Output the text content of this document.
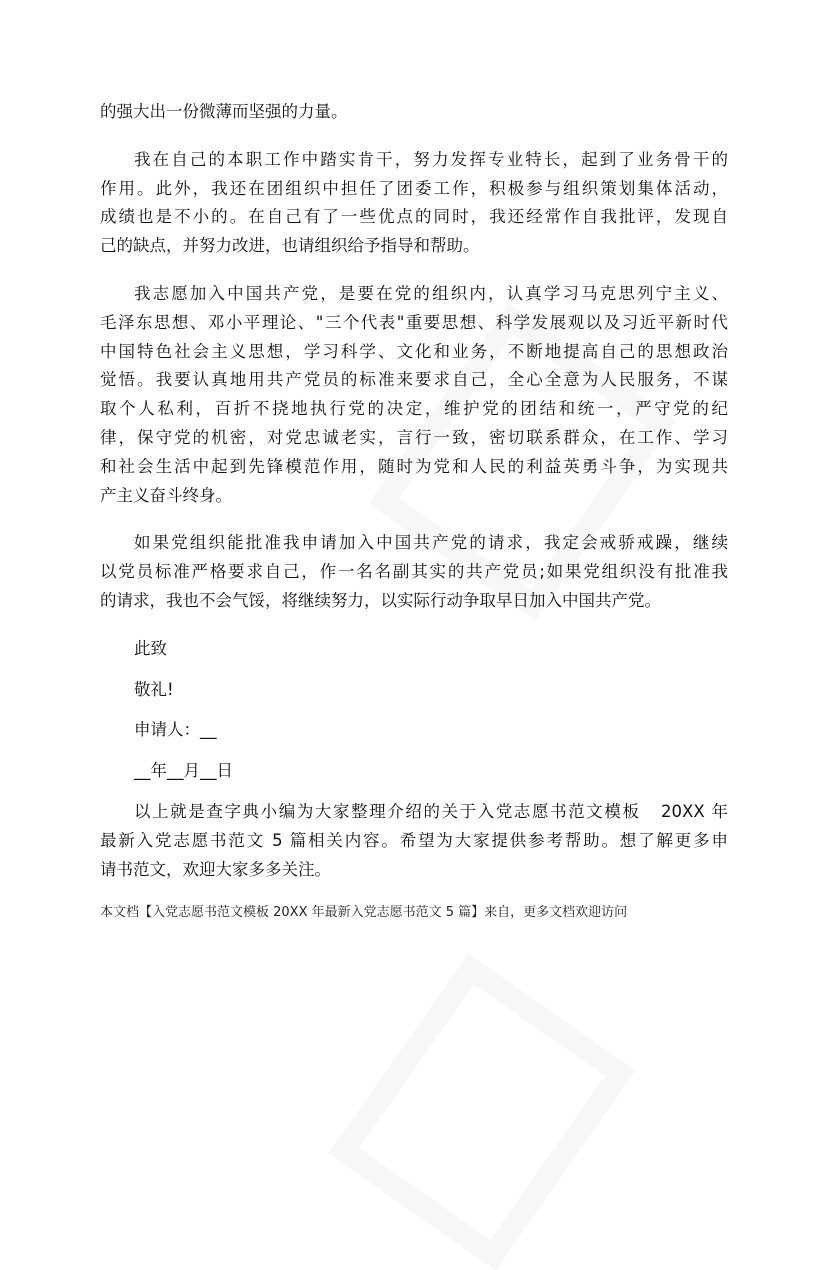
的强大出一份微薄而坚强的力量。

我在自己的本职工作中踏实肯干，努力发挥专业特长，起到了业务骨干的
作用。此外，我还在团组织中担任了团委工作，积极参与组织策划集体活动，
成绩也是不小的。在自己有了一些优点的同时，我还经常作自我批评，发现自
己的缺点，并努力改进，也请组织给予指导和帮助。

我志愿加入中国共产党，是要在党的组织内，认真学习马克思列宁主义、
毛泽东思想、邓小平理论、"三个代表"重要思想、科学发展观以及习近平新时代
中国特色社会主义思想，学习科学、文化和业务，不断地提高自己的思想政治
觉悟。我要认真地用共产党员的标准来要求自己，全心全意为人民服务，不谋
取个人私利，百折不挠地执行党的决定，维护党的团结和统一，严守党的纪
律，保守党的机密，对党忠诚老实，言行一致，密切联系群众，在工作、学习
和社会生活中起到先锋模范作用，随时为党和人民的利益英勇斗争，为实现共
产主义奋斗终身。

如果党组织能批准我申请加入中国共产党的请求，我定会戒骄戒躁，继续
以党员标准严格要求自己，作一名名副其实的共产党员;如果党组织没有批准我
的请求，我也不会气馁，将继续努力，以实际行动争取早日加入中国共产党。

此致

敬礼!

申请人：__

__年__月__日

以上就是查字典小编为大家整理介绍的关于入党志愿书范文模板   20XX 年
最新入党志愿书范文 5 篇相关内容。希望为大家提供参考帮助。想了解更多申
请书范文，欢迎大家多多关注。

本文档【入党志愿书范文模板 20XX 年最新入党志愿书范文 5 篇】来自，更多文档欢迎访问
